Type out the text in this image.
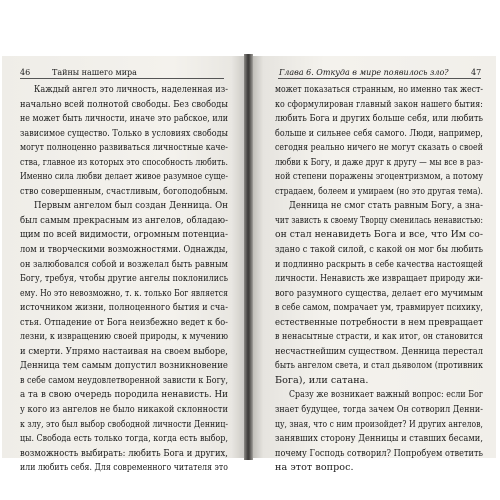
46	Тайны нашего мира	Глава 6. Откуда в мире появилось зло?	47
Каждый ангел это личность, наделенная из-
начально всей полнотой свободы. Без свободы
не может быть личности, иначе это рабское, или
зависимое существо. Только в условиях свободы
могут полноценно развиваться личностные каче-
ства, главное из которых это способность любить.
Именно сила любви делает живое разумное суще-
ство совершенным, счастливым, богоподобным.
Первым ангелом был создан Денница. Он
был самым прекрасным из ангелов, обладаю-
щим по всей видимости, огромным потенциа-
лом и творческими возможностями. Однажды,
он залюбовался собой и возжелал быть равным
Богу, требуя, чтобы другие ангелы поклонились
ему. Но это невозможно, т. к. только Бог является
источником жизни, полноценного бытия и сча-
стья. Отпадение от Бога неизбежно ведет к бо-
лезни, к извращению своей природы, к мучению
и смерти. Упрямо настаивая на своем выборе,
Денница тем самым допустил возникновение
в себе самом неудовлетворенной зависти к Богу,
а та в свою очередь породила ненависть. Ни
у кого из ангелов не было никакой склонности
к злу, это был выбор свободной личности Денниц-
цы. Свобода есть только тогда, когда есть выбор,
возможность выбирать: любить Бога и других,
или любить себя. Для современного читателя это
может показаться странным, но именно так жест-
ко сформулирован главный закон нашего бытия:
любить Бога и других больше себя, или любить
больше и сильнее себя самого. Люди, например,
сегодня реально ничего не могут сказать о своей
любви к Богу, и даже друг к другу — мы все в раз-
ной степени поражены эгоцентризмом, а потому
страдаем, болеем и умираем (но это другая тема).
Денница не смог стать равным Богу, а зна-
чит зависть к своему Творцу сменилась ненавистью:
он стал ненавидеть Бога и все, что Им со-
здано с такой силой, с какой он мог бы любить
и подлинно раскрыть в себе качества настоящей
личности. Ненависть же извращает природу жи-
вого разумного существа, делает его мучимым
в себе самом, помрачает ум, травмирует психику,
естественные потребности в нем превращает
в ненасытные страсти, и как итог, он становится
несчастнейшим существом. Денница перестал
быть ангелом света, и стал дьяволом (противник
Бога), или сатана.
Сразу же возникает важный вопрос: если Бог
знает будущее, тогда зачем Он сотворил Денни-
цу, зная, что с ним произойдет? И других ангелов,
занявших сторону Денницы и ставших бесами,
почему Господь сотворил? Попробуем ответить
на этот вопрос.
